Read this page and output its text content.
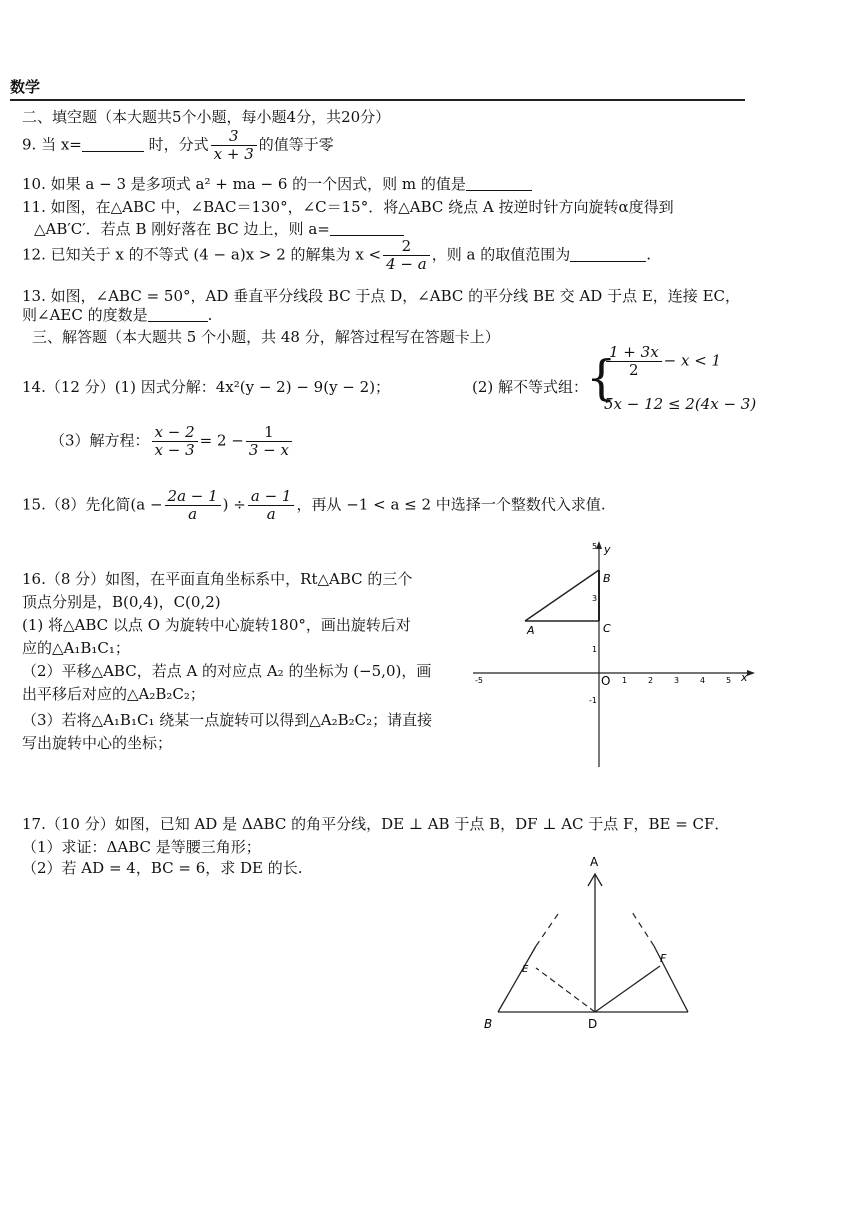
数学
二、填空题（本大题共5个小题，每小题4分，共20分）
9. 当 x=	时，分式 $\frac{3}{x + 3}$ 的值等于零
10. 如果 a − 3 是多项式 a² + ma − 6 的一个因式，则 m 的值是
11. 如图，在△ABC 中，∠BAC＝130°，∠C＝15°．将△ABC 绕点 A 按逆时针方向旋转α度得到
△AB′C′．若点 B 刚好落在 BC 边上，则 a=
12. 已知关于 x 的不等式 (4 − a)x > 2 的解集为 $x < \frac{2}{4 - a}$ ，则 a 的取值范围为	.
13. 如图，∠ABC = 50°，AD 垂直平分线段 BC 于点 D，∠ABC 的平分线 BE 交 AD 于点 E，连接 EC，
则∠AEC 的度数是	.
三、解答题（本大题共 5 个小题，共 48 分，解答过程写在答题卡上）
14.（12 分）(1) 因式分解：4x²(y − 2) − 9(y − 2)；	(2) 解不等式组：
{
$\frac{1 + 3x}{2} - x < 1$
5x − 12 ≤ 2(4x − 3)
（3）解方程： $\frac{x - 2}{x - 3} = 2 - \frac{1}{3 - x}$
15.（8）先化简($a - \frac{2a - 1}{a}$ ) ÷ $\frac{a - 1}{a}$ ，再从 −1 < a ≤ 2 中选择一个整数代入求值.
16.（8 分）如图，在平面直角坐标系中，Rt△ABC 的三个
顶点分别是，B(0,4)，C(0,2)
(1) 将△ABC 以点 O 为旋转中心旋转180°，画出旋转后对
应的△A₁B₁C₁；
（2）平移△ABC，若点 A 的对应点 A₂ 的坐标为 (−5,0)，画
出平移后对应的△A₂B₂C₂；
（3）若将△A₁B₁C₁ 绕某一点旋转可以得到△A₂B₂C₂；请直接
写出旋转中心的坐标；
x
y
O
-5	1	2	3	4	5
5
3
1
-1
A
B
C
17.（10 分）如图，已知 AD 是 ΔABC 的角平分线，DE ⊥ AB 于点 B，DF ⊥ AC 于点 F，BE = CF．
（1）求证：ΔABC 是等腰三角形；
（2）若 AD = 4，BC = 6，求 DE 的长.	A
B	D
F
E
